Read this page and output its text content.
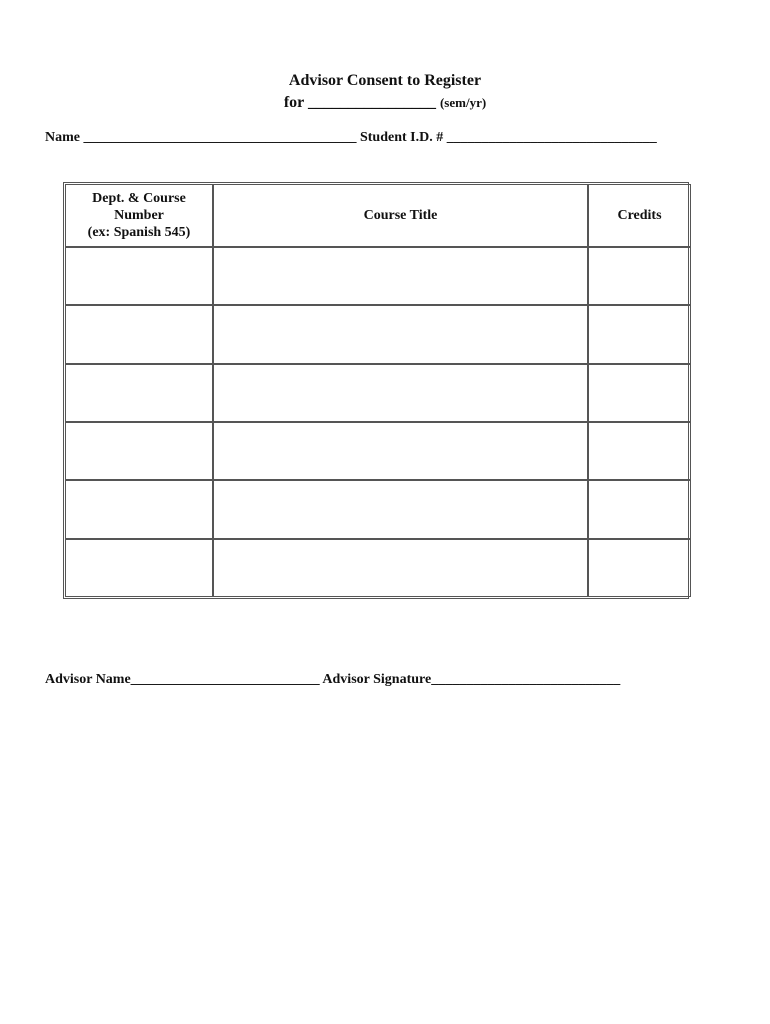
Advisor Consent to Register
for ________________ (sem/yr)
Name _______________________________________ Student I.D. # ______________________________
Dept. & Course
Number
(ex: Spanish 545)	Course Title	Credits

Advisor Name___________________________ Advisor Signature___________________________
